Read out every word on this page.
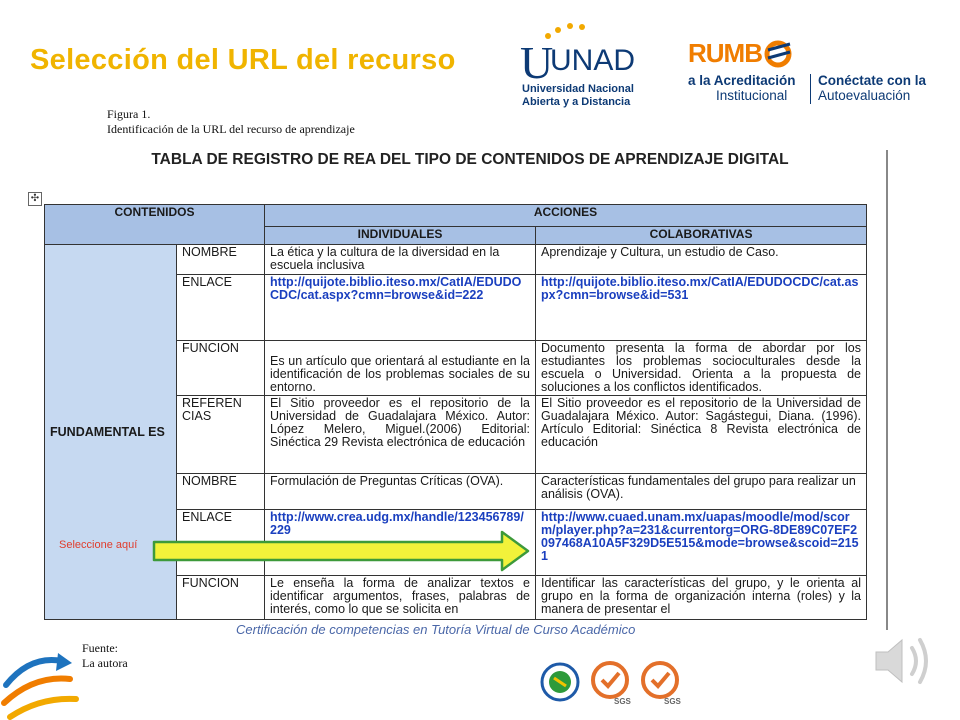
Selección del URL del recurso U
UNAD
Universidad Nacional
Abierta y a Distancia
RUMB
a la Acreditación
Institucional
Conéctate con la
Autoevaluación
Figura 1.
Identificación de la URL del recurso de aprendizaje
TABLA DE REGISTRO DE REA DEL TIPO DE CONTENIDOS DE APRENDIZAJE DIGITAL
✣
CONTENIDOS		ACCIONES	
		INDIVIDUALES	COLABORATIVAS
FUNDAMENTAL ES	NOMBRE	La ética y la cultura de la diversidad en la escuela inclusiva	Aprendizaje y Cultura, un estudio de Caso.
	ENLACE	http://quijote.biblio.iteso.mx/CatIA/EDUDOCDC/cat.aspx?cmn=browse&id=222	http://quijote.biblio.iteso.mx/CatIA/EDUDOCDC/cat.aspx?cmn=browse&id=531
	FUNCION	Es un artículo que orientará al estudiante en la identificación de los problemas sociales de su entorno.	Documento presenta la forma de abordar por los estudiantes los problemas socioculturales desde la escuela o Universidad. Orienta a la propuesta de soluciones a los conflictos identificados.
	REFEREN CIAS	El Sitio proveedor es el repositorio de la Universidad de Guadalajara México. Autor: López Melero, Miguel.(2006) Editorial: Sinéctica 29 Revista electrónica de educación	El Sitio proveedor es el repositorio de la Universidad de Guadalajara México. Autor: Sagástegui, Diana. (1996). Artículo Editorial: Sinéctica 8 Revista electrónica de educación
	NOMBRE	Formulación de Preguntas Críticas (OVA).	Características fundamentales del grupo para realizar un análisis (OVA).
	ENLACE	http://www.crea.udg.mx/handle/123456789/229	http://www.cuaed.unam.mx/uapas/moodle/mod/scorm/player.php?a=231&currentorg=ORG-8DE89C07EF2097468A10A5F329D5E515&mode=browse&scoid=2151
	FUNCION	Le enseña la forma de analizar textos e identificar argumentos, frases, palabras de interés, como lo que se solicita en	Identificar las características del grupo, y le orienta al grupo en la forma de organización interna (roles) y la manera de presentar el
Certificación de competencias en Tutoría Virtual de Curso Académico
Seleccione aquí
Fuente:
La autora
SGS	SGS
